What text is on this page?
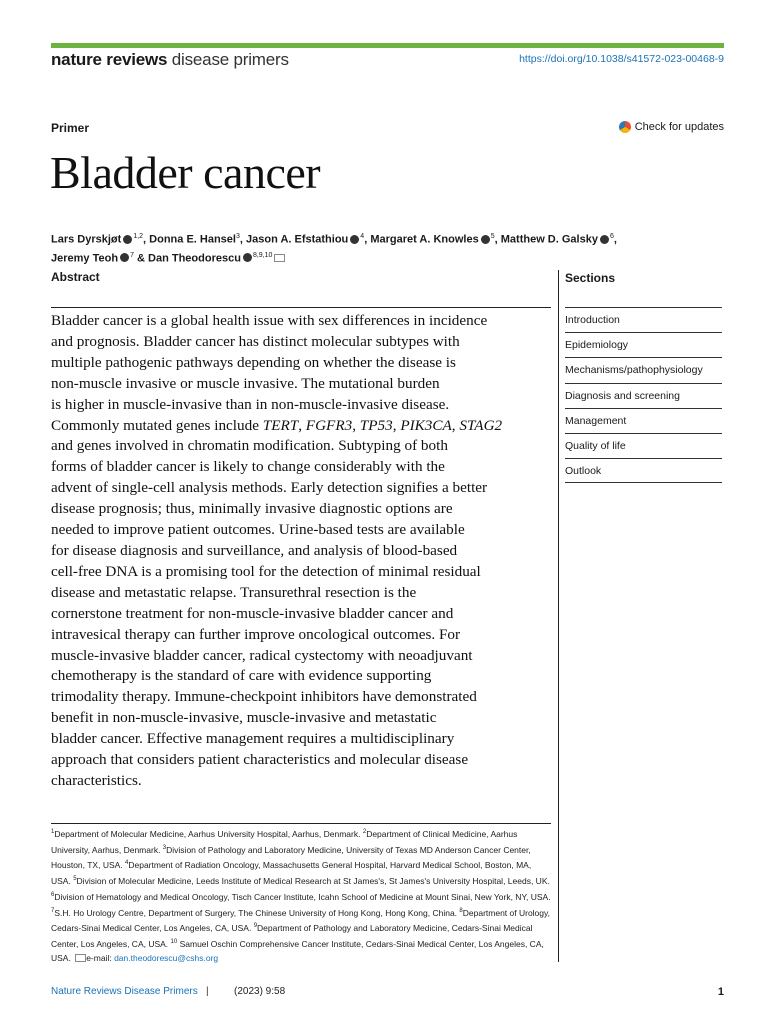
nature reviews disease primers	https://doi.org/10.1038/s41572-023-00468-9
Primer	Check for updates
Bladder cancer
Lars Dyrskjøt $^{1,2}$, Donna E. Hansel$^3$, Jason A. Efstathiou $^4$, Margaret A. Knowles $^5$, Matthew D. Galsky $^6$,
Jeremy Teoh $^7$ & Dan Theodorescu $^{8,9,10}$
Abstract
Bladder cancer is a global health issue with sex differences in incidence
and prognosis. Bladder cancer has distinct molecular subtypes with
multiple pathogenic pathways depending on whether the disease is
non-muscle invasive or muscle invasive. The mutational burden
is higher in muscle-invasive than in non-muscle-invasive disease.
Commonly mutated genes include TERT, FGFR3, TP53, PIK3CA, STAG2
and genes involved in chromatin modification. Subtyping of both
forms of bladder cancer is likely to change considerably with the
advent of single-cell analysis methods. Early detection signifies a better
disease prognosis; thus, minimally invasive diagnostic options are
needed to improve patient outcomes. Urine-based tests are available
for disease diagnosis and surveillance, and analysis of blood-based
cell-free DNA is a promising tool for the detection of minimal residual
disease and metastatic relapse. Transurethral resection is the
cornerstone treatment for non-muscle-invasive bladder cancer and
intravesical therapy can further improve oncological outcomes. For
muscle-invasive bladder cancer, radical cystectomy with neoadjuvant
chemotherapy is the standard of care with evidence supporting
trimodality therapy. Immune-checkpoint inhibitors have demonstrated
benefit in non-muscle-invasive, muscle-invasive and metastatic
bladder cancer. Effective management requires a multidisciplinary
approach that considers patient characteristics and molecular disease
characteristics.
Sections
Introduction
Epidemiology
Mechanisms/pathophysiology
Diagnosis and screening
Management
Quality of life
Outlook
$^1$Department of Molecular Medicine, Aarhus University Hospital, Aarhus, Denmark. $^2$Department of Clinical Medicine, Aarhus University, Aarhus, Denmark. $^3$Division of Pathology and Laboratory Medicine, University of Texas MD Anderson Cancer Center, Houston, TX, USA. $^4$Department of Radiation Oncology, Massachusetts General Hospital, Harvard Medical School, Boston, MA, USA. $^5$Division of Molecular Medicine, Leeds Institute of Medical Research at St James's, St James's University Hospital, Leeds, UK. $^6$Division of Hematology and Medical Oncology, Tisch Cancer Institute, Icahn School of Medicine at Mount Sinai, New York, NY, USA. $^7$S.H. Ho Urology Centre, Department of Surgery, The Chinese University of Hong Kong, Hong Kong, China. $^8$Department of Urology, Cedars-Sinai Medical Center, Los Angeles, CA, USA. $^9$Department of Pathology and Laboratory Medicine, Cedars-Sinai Medical Center, Los Angeles, CA, USA. $^{10}$ Samuel Oschin Comprehensive Cancer Institute, Cedars-Sinai Medical Center, Los Angeles, CA, USA. e-mail: dan.theodorescu@cshs.org
Nature Reviews Disease Primers |	(2023) 9:58	1
